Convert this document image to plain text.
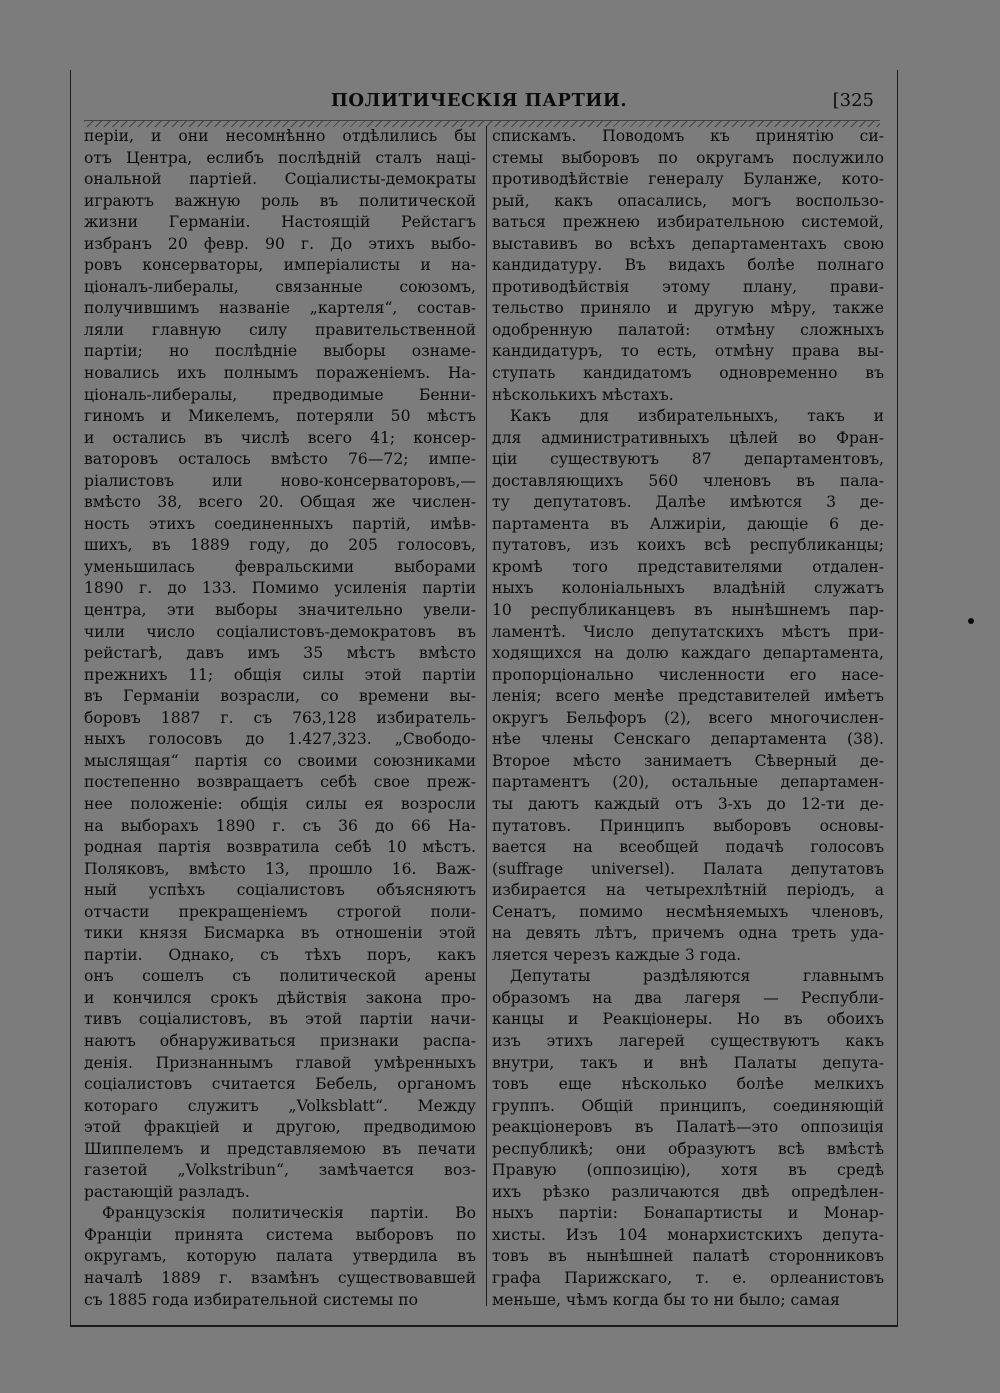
ПОЛИТИЧЕСКІЯ ПАРТИИ.	[325
періи, и они несомнѣнно отдѣлились бы
отъ Центра, еслибъ послѣдній сталъ наці-
ональной партіей. Соціалисты-демократы
играютъ важную роль въ политической
жизни Германіи. Настоящій Рейстагъ
избранъ 20 февр. 90 г. До этихъ выбо-
ровъ консерваторы, имперіалисты и на-
ціоналъ-либералы, связанные союзомъ,
получившимъ названіе „картеля“, состав-
ляли главную силу правительственной
партіи; но послѣдніе выборы ознаме-
новались ихъ полнымъ пораженіемъ. На-
ціональ-либералы, предводимые Бенни-
гиномъ и Микелемъ, потеряли 50 мѣстъ
и остались въ числѣ всего 41; консер-
ваторовъ осталось вмѣсто 76—72; импе-
ріалистовъ или ново-консерваторовъ,—
вмѣсто 38, всего 20. Общая же числен-
ность этихъ соединенныхъ партій, имѣв-
шихъ, въ 1889 году, до 205 голосовъ,
уменьшилась февральскими выборами
1890 г. до 133. Помимо усиленія партіи
центра, эти выборы значительно увели-
чили число соціалистовъ-демократовъ въ
рейстагѣ, давъ имъ 35 мѣстъ вмѣсто
прежнихъ 11; общія силы этой партіи
въ Германіи возрасли, со времени вы-
боровъ 1887 г. съ 763,128 избиратель-
ныхъ голосовъ до 1.427,323. „Свободо-
мыслящая“ партія со своими союзниками
постепенно возвращаетъ себѣ свое преж-
нее положеніе: общія силы ея возросли
на выборахъ 1890 г. съ 36 до 66 На-
родная партія возвратила себѣ 10 мѣстъ.
Поляковъ, вмѣсто 13, прошло 16. Важ-
ный успѣхъ соціалистовъ объясняютъ
отчасти прекращеніемъ строгой поли-
тики князя Бисмарка въ отношеніи этой
партіи. Однако, съ тѣхъ поръ, какъ
онъ сошелъ съ политической арены
и кончился срокъ дѣйствія закона про-
тивъ соціалистовъ, въ этой партіи начи-
наютъ обнаруживаться признаки распа-
денія. Признаннымъ главой умѣренныхъ
соціалистовъ считается Бебель, органомъ
котораго служитъ „Volksblatt“. Между
этой фракціей и другою, предводимою
Шиппелемъ и представляемою въ печати
газетой „Volkstribun“, замѣчается воз-
растающій разладъ.
Французскія политическія партіи. Во
Франціи принята система выборовъ по
округамъ, которую палата утвердила въ
началѣ 1889 г. взамѣнъ существовавшей
съ 1885 года избирательной системы по
спискамъ. Поводомъ къ принятію си-
стемы выборовъ по округамъ послужило
противодѣйствіе генералу Буланже, кото-
рый, какъ опасались, могъ воспользо-
ваться прежнею избирательною системой,
выставивъ во всѣхъ департаментахъ свою
кандидатуру. Въ видахъ болѣе полнаго
противодѣйствія этому плану, прави-
тельство приняло и другую мѣру, также
одобренную палатой: отмѣну сложныхъ
кандидатуръ, то есть, отмѣну права вы-
ступать кандидатомъ одновременно въ
нѣсколькихъ мѣстахъ.
Какъ для избирательныхъ, такъ и
для административныхъ цѣлей во Фран-
ціи существуютъ 87 департаментовъ,
доставляющихъ 560 членовъ въ пала-
ту депутатовъ. Далѣе имѣются 3 де-
партамента въ Алжиріи, дающіе 6 де-
путатовъ, изъ коихъ всѣ республиканцы;
кромѣ того представителями отдален-
ныхъ колоніальныхъ владѣній служатъ
10 республиканцевъ въ нынѣшнемъ пар-
ламентѣ. Число депутатскихъ мѣстъ при-
ходящихся на долю каждаго департамента,
пропорціонально численности его насе-
ленія; всего менѣе представителей имѣетъ
округъ Бельфоръ (2), всего многочислен-
нѣе члены Сенскаго департамента (38).
Второе мѣсто занимаетъ Сѣверный де-
партаментъ (20), остальные департамен-
ты даютъ каждый отъ 3-хъ до 12-ти де-
путатовъ. Принципъ выборовъ основы-
вается на всеобщей подачѣ голосовъ
(suffrage universel). Палата депутатовъ
избирается на четырехлѣтній періодъ, а
Сенатъ, помимо несмѣняемыхъ членовъ,
на девять лѣтъ, причемъ одна треть уда-
ляется черезъ каждые 3 года.
Депутаты раздѣляются главнымъ
образомъ на два лагеря — Республи-
канцы и Реакціонеры. Но въ обоихъ
изъ этихъ лагерей существуютъ какъ
внутри, такъ и внѣ Палаты депута-
товъ еще нѣсколько болѣе мелкихъ
группъ. Общій принципъ, соединяющій
реакціонеровъ въ Палатѣ—это оппозиція
республикѣ; они образуютъ всѣ вмѣстѣ
Правую (оппозицію), хотя въ средѣ
ихъ рѣзко различаются двѣ опредѣлен-
ныхъ партіи: Бонапартисты и Монар-
хисты. Изъ 104 монархистскихъ депута-
товъ въ нынѣшней палатѣ сторонниковъ
графа Парижскаго, т. е. орлеанистовъ
меньше, чѣмъ когда бы то ни было; самая
